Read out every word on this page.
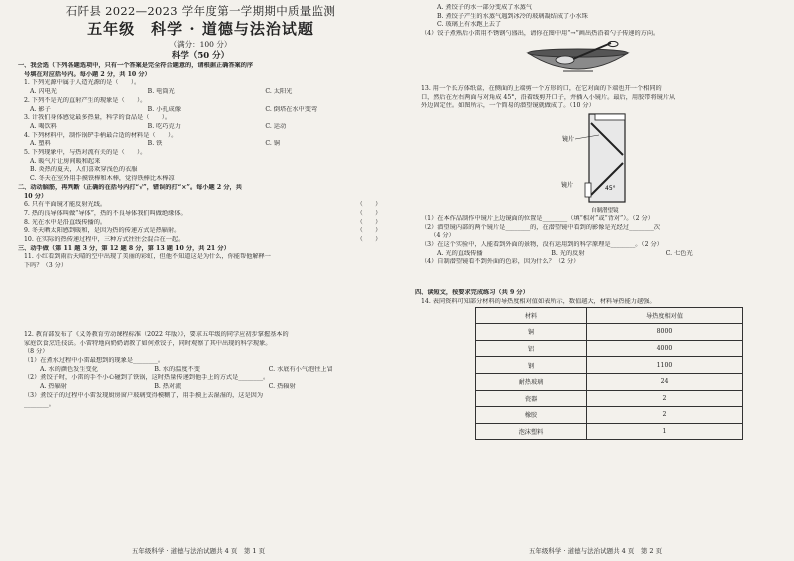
石阡县 2022—2023 学年度第一学期期中质量监测
五年级　科学 · 道德与法治试题
（满分：100 分）
科学（50 分）
一、我会选（下列各题选项中，只有一个答案是完全符合题意的，请根据正确答案的序
号填在对应括号内。每小题 2 分，共 10 分）
1. 下列光源中属于人造光源的是（　　）。
A. 闪电光	B. 电筒光	C. 太阳光
2. 下列不是光的直射产生的现象是（　　）。
A. 影子	B. 小孔成像	C. 倒塔在水中变弯
3. 计我们身体感觉最多热量，科学的食品是（　　）。
A. 喝饮料	B. 吃巧克力	C. 运动
4. 下列材料中，制作锅铲手柄最合适的材料是（　　）。
A. 塑料	B. 铁	C. 铜
5. 下列现象中，与热对流有关的是（　　）。
A. 暖气片让房间暖和起来
B. 炎热的夏天，人们喜欢穿浅色的衣服
C. 冬天在室外用手摸铁棒和木棒，觉得铁棒比木棒凉
二、动动脑筋，再判断（正确的在括号内打“√”，错误的打“×”。每小题 2 分，共
10 分）
6. 只有平面镜才能反射光线。	（　　）
7. 热的良导体叫做“导体”，热的不良导体我们叫做绝缘体。	（　　）
8. 光在水中是沿直线传播的。	（　　）
9. 冬天晒太阳感到暖和，是因为热的传递方式是热辐射。	（　　）
10. 在实际的热传递过程中，三种方式往往会混合在一起。	（　　）
三、动手做（第 11 题 3 分，第 12 题 8 分，第 13 题 10 分，共 21 分）
11. 小红看到雨后天晴的空中出现了美丽的彩虹，但他不知道这是为什么，你能帮他解释一
下吗？（3 分）
12. 教育部发布了《义务教育劳动课程标准（2022 年版）》，要求五年级的同学应初步掌握基本的
家庭饮食烹饪技法。小雷特地向奶奶请教了如何煮饺子，同时观察了其中出现的科学现象。
（8 分）
（1）在煮水过程中小雷最想到的现象是________。
A. 水的颜色发生变化	B. 水的温度不变	C. 水底有小气泡往上冒
（2）煮饺子时，小雷的手不小心碰到了铁锅，这时热量传递到他手上的方式是________。
A. 热辐射	B. 热对流	C. 热辐射
（3）煮饺子的过程中小雷发现厨房窗户玻璃变得模糊了，用手摸上去湿湿的，这是因为
________。
五年级科学 · 道德与法治试题共 4 页　第 1 页
A. 煮饺子的水一部分变成了水蒸气
B. 煮饺子产生的水蒸气遇到冰冷的玻璃凝结成了小水珠
C. 玻璃上有水跑上去了
（4）饺子煮熟后小雷用不锈钢勺盛出，请你在图中用“→”画出热沿着勺子传递的方向。
13. 用一个长方体纸盒，在侧面的上端剪一个方形的口，在它对面的下端也开一个相同的
口，然后在左右两面与对角成 45°，沿着线剪开口子，并插入小镜片。最后，用胶带将镜片从
外边固定住。如图所示，一个简易的潜望镜就做成了。（10 分）
镜片
镜片	45°
自制潜望镜
（1）在本作品制作中镜片上边镜面的位置是________（填“相对”或“背对”）。（2 分）
（2）潜望镜内部的两个镜片是________的，在潜望镜中看到的影像是光经过________次
　　（4 分）
（3）在这个实验中，人能看到外面的景物，没有运用到的科学原理是________。（2 分）
A. 光的直线传播	B. 光的反射	C. 七色光
（4）自制潜望镜看不到外面的色彩，因为什么？（2 分）
四、读短文，按要求完成练习（共 9 分）
14. 表同资料可知部分材料的导热度相对值如表所示，数值越大，材料导热能力越强。
材料	导热度相对值
铜	8000
铝	4000
钢	1100
耐热玻璃	24
瓷器	2
橡胶	2
泡沫塑料	1
五年级科学 · 道德与法治试题共 4 页　第 2 页
